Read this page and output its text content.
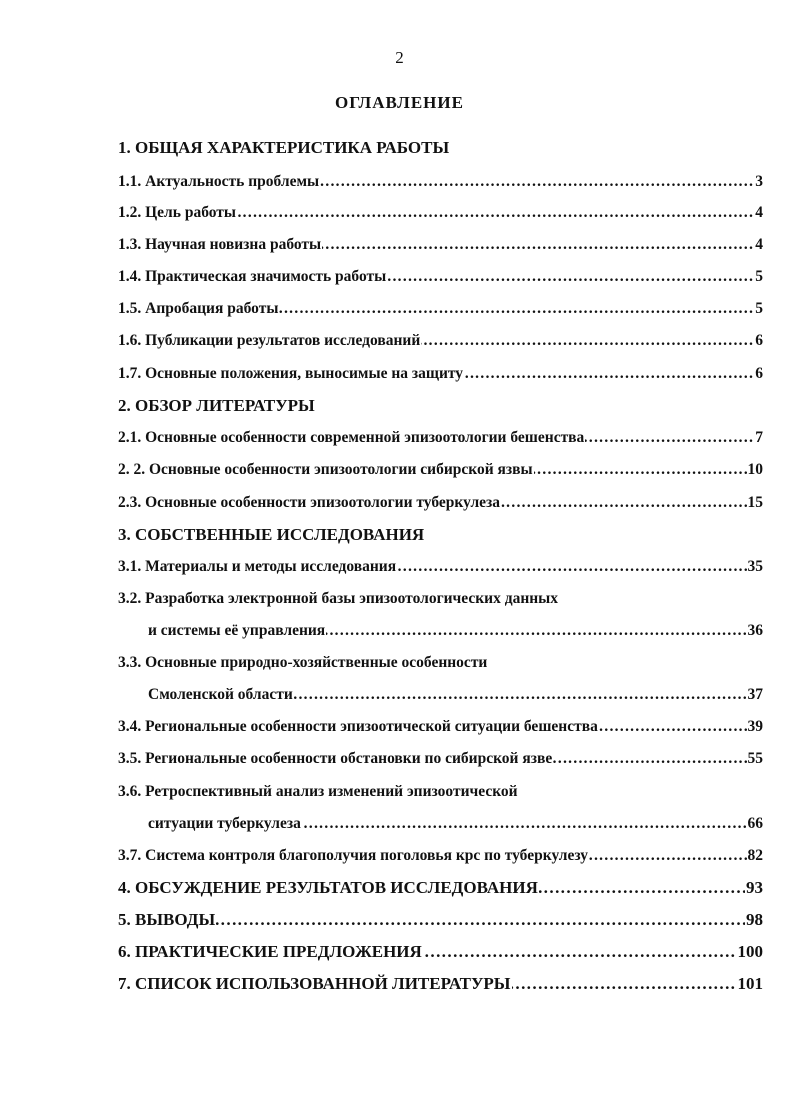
2
ОГЛАВЛЕНИЕ
1. ОБЩАЯ ХАРАКТЕРИСТИКА РАБОТЫ
…………………………………………………………………………………………………………………………………………………………………………………………
1.1. Актуальность проблемы	3
…………………………………………………………………………………………………………………………………………………………………………………………
1.2. Цель работы	4
…………………………………………………………………………………………………………………………………………………………………………………………
1.3. Научная новизна работы	4
…………………………………………………………………………………………………………………………………………………………………………………………
1.4. Практическая значимость работы	5
…………………………………………………………………………………………………………………………………………………………………………………………
1.5. Апробация работы	5
…………………………………………………………………………………………………………………………………………………………………………………………
1.6. Публикации результатов исследований	6
…………………………………………………………………………………………………………………………………………………………………………………………
1.7. Основные положения, выносимые на защиту	6
2. ОБЗОР ЛИТЕРАТУРЫ
…………………………………………………………………………………………………………………………………………………………………………………………
2.1. Основные особенности современной эпизоотологии бешенства	7
…………………………………………………………………………………………………………………………………………………………………………………………
2. 2. Основные особенности эпизоотологии сибирской язвы	10
…………………………………………………………………………………………………………………………………………………………………………………………
2.3. Основные особенности эпизоотологии туберкулеза	15
3. СОБСТВЕННЫЕ ИССЛЕДОВАНИЯ
…………………………………………………………………………………………………………………………………………………………………………………………
3.1. Материалы и методы исследования	35
3.2. Разработка электронной базы эпизоотологических данных
…………………………………………………………………………………………………………………………………………………………………………………………
и системы её управления	36
3.3. Основные природно-хозяйственные особенности
…………………………………………………………………………………………………………………………………………………………………………………………
Смоленской области	37
…………………………………………………………………………………………………………………………………………………………………………………………
3.4. Региональные особенности эпизоотической ситуации бешенства	39
…………………………………………………………………………………………………………………………………………………………………………………………
3.5. Региональные особенности обстановки по сибирской язве	55
3.6. Ретроспективный анализ изменений эпизоотической
…………………………………………………………………………………………………………………………………………………………………………………………
ситуации туберкулеза	66
…………………………………………………………………………………………………………………………………………………………………………………………
3.7. Система контроля благополучия поголовья крс по туберкулезу	82
…………………………………………………………………………………………………………………………………………………………………………………………
4. ОБСУЖДЕНИЕ РЕЗУЛЬТАТОВ ИССЛЕДОВАНИЯ	93
…………………………………………………………………………………………………………………………………………………………………………………………
5. ВЫВОДЫ	98
…………………………………………………………………………………………………………………………………………………………………………………………
6. ПРАКТИЧЕСКИЕ ПРЕДЛОЖЕНИЯ	100
…………………………………………………………………………………………………………………………………………………………………………………………
7. СПИСОК ИСПОЛЬЗОВАННОЙ ЛИТЕРАТУРЫ	101
